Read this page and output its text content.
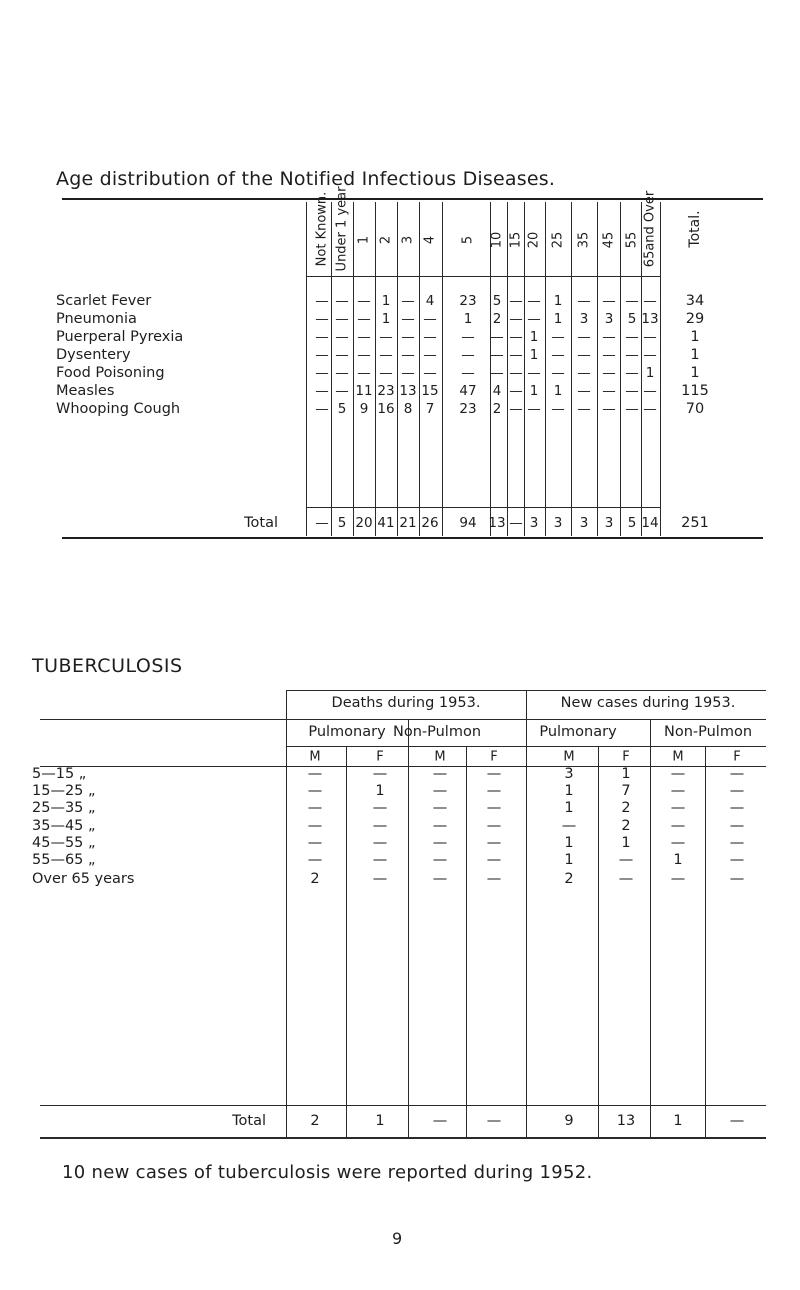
Age distribution of the Notified Infectious Diseases.
Not Known. Under 1 year 1 2 3 4 5 10 15 20 25 35 45 55 65and Over Total.
Scarlet Fever	— — — 1 — 4 23 5 — — 1 — — — — 34
Pneumonia	— — — 1 — — 1 2 — — 1 3 3 5 13 29
Puerperal Pyrexia	— — — — — — — — — 1 — — — — — 1
Dysentery	— — — — — — — — — 1 — — — — — 1
Food Poisoning	— — — — — — — — — — — — — — 1 1
Measles	— — 11 23 13 15 47 4 — 1 1 — — — — 115
Whooping Cough	— 5 9 16 8 7 23 2 — — — — — — — 70
Total	— 5 20 41 21 26 94 13 — 3 3 3 3 5 14 251
TUBERCULOSIS
Deaths during 1953.	New cases during 1953.
Pulmonary Non-Pulmon	Pulmonary	Non-Pulmon
M	F	M	F	M	F	M	F
5—15 „	—	—	—	—	3	1	—	—
15—25 „	—	1	—	—	1	7	—	—
25—35 „	—	—	—	—	1	2	—	—
35—45 „	—	—	—	—	—	2	—	—
45—55 „	—	—	—	—	1	1	—	—
55—65 „	—	—	—	—	1	—	1	—
Over 65 years	2	—	—	—	2	—	—	—
Total	2	1	—	—	9	13	1	—
10 new cases of tuberculosis were reported during 1952.
9
